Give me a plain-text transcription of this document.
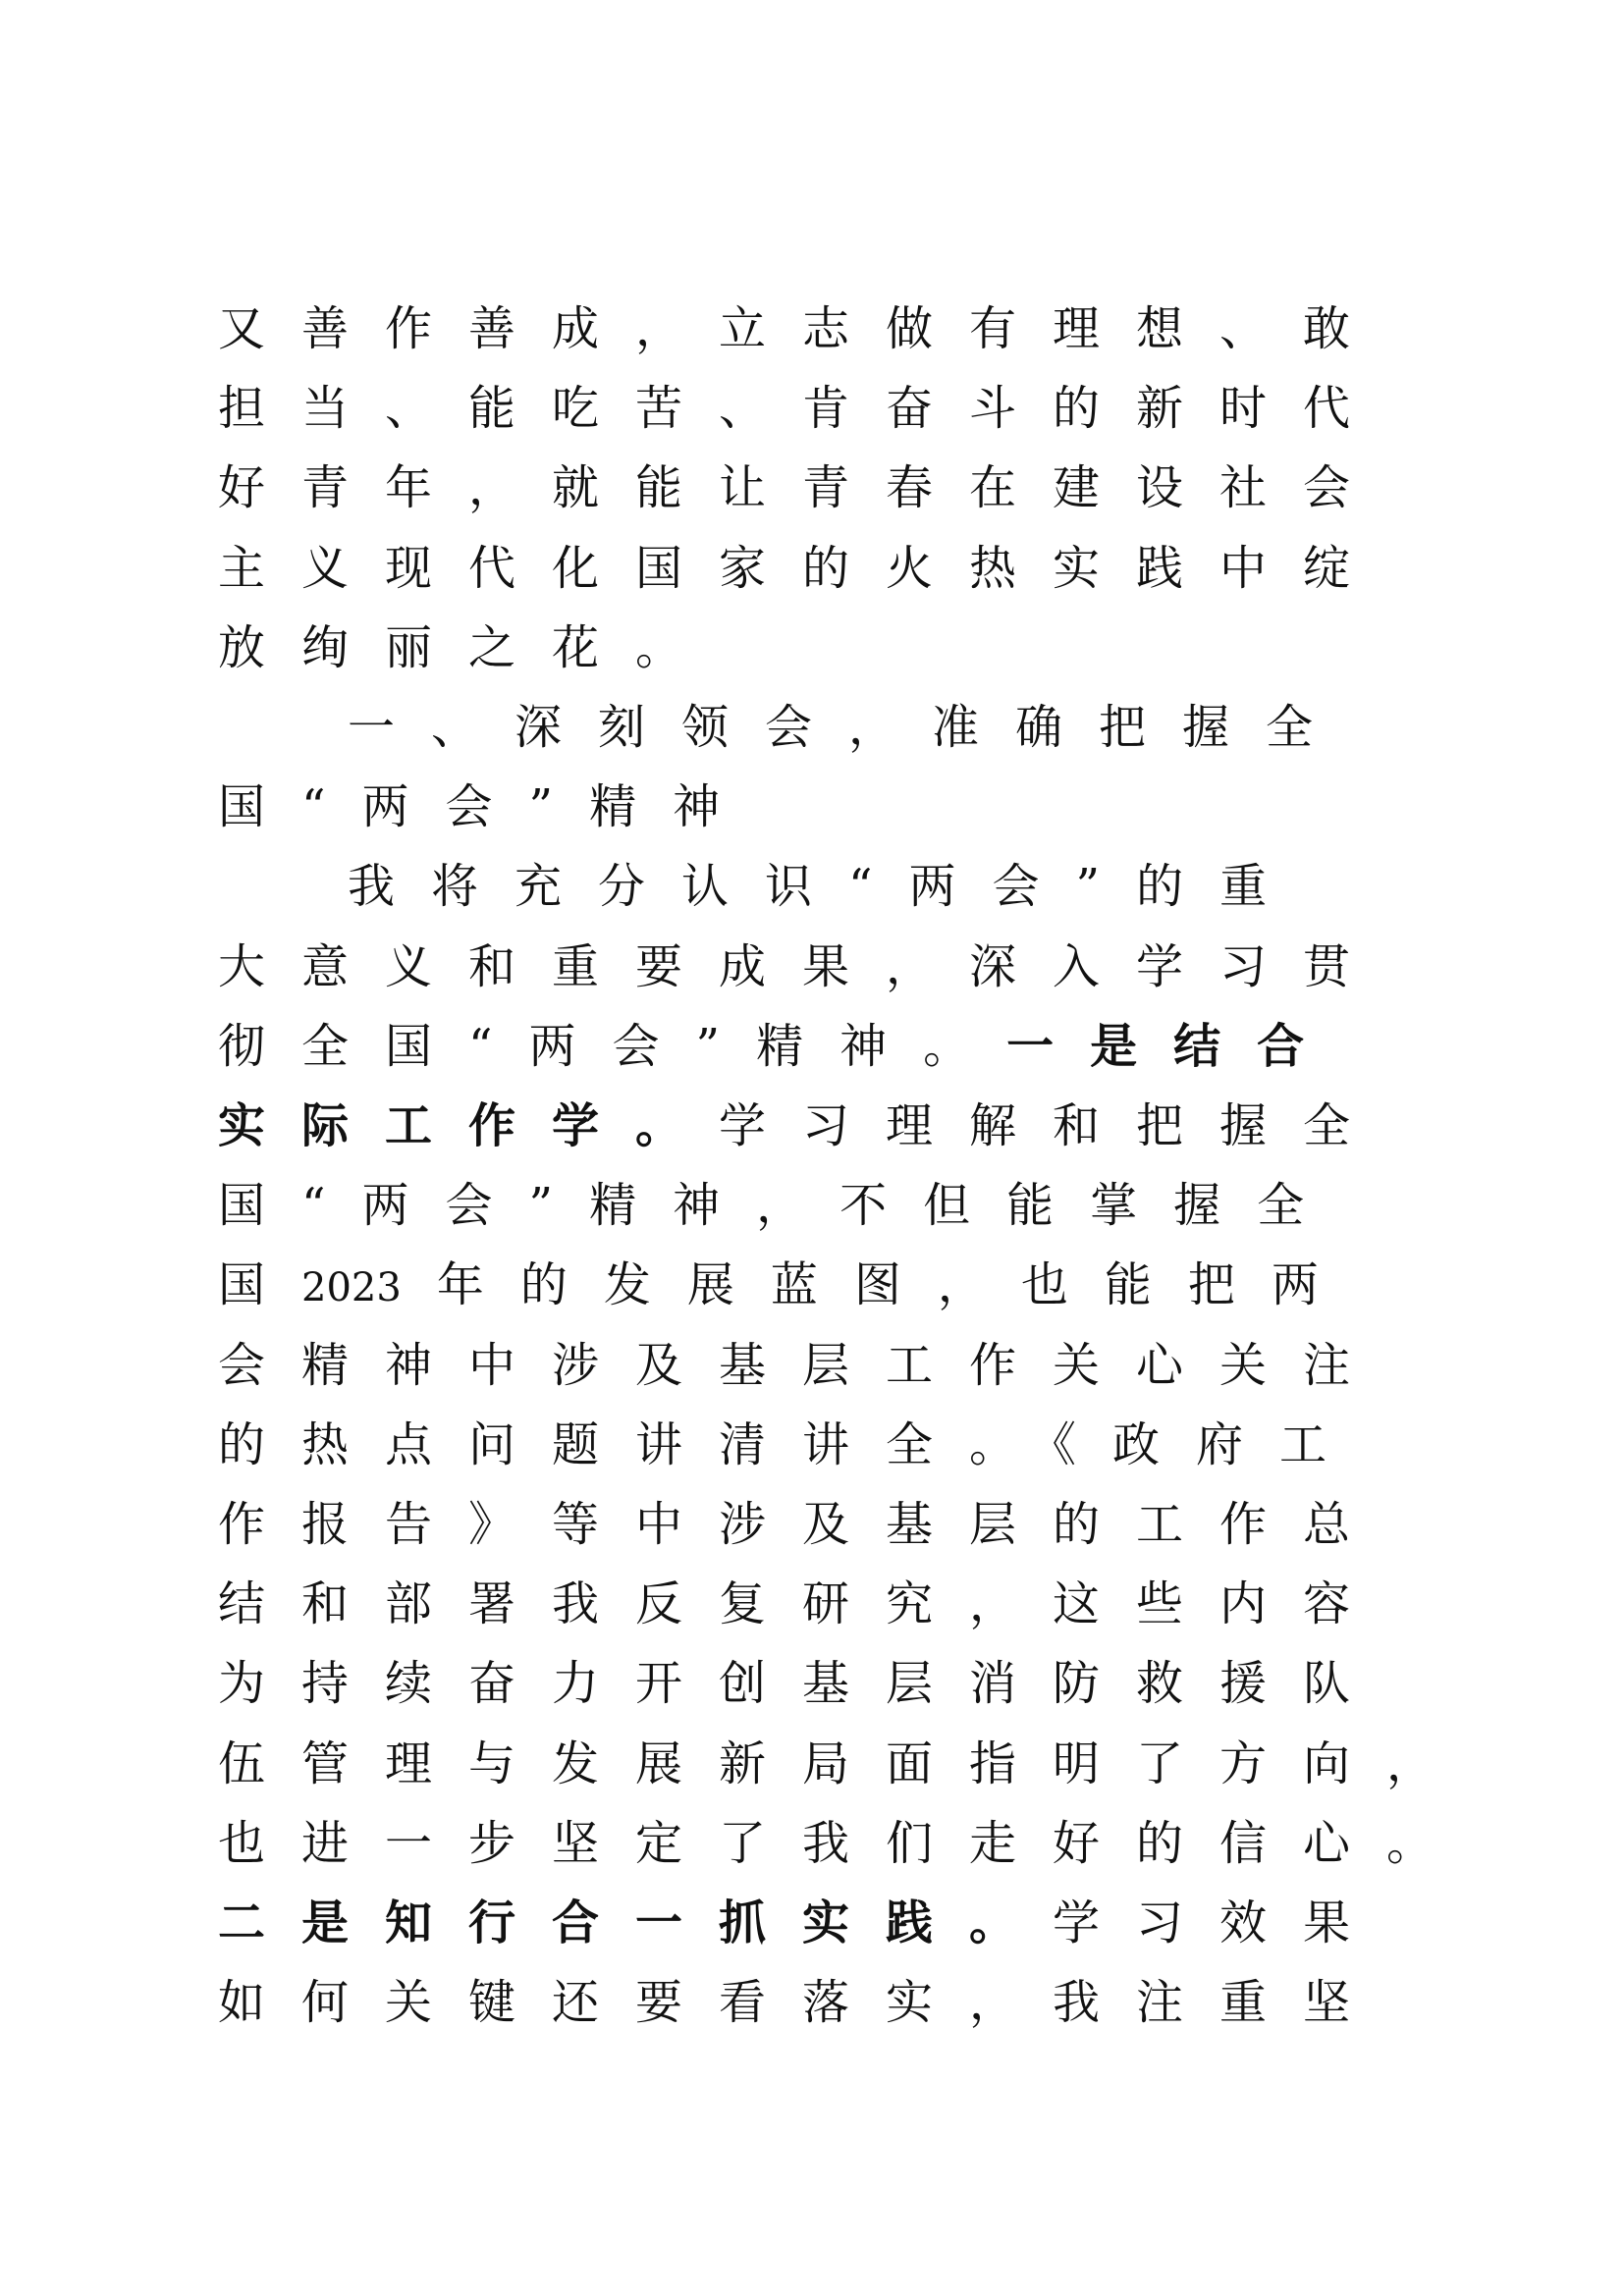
又善作善成，立志做有理想、敢
担当、能吃苦、肯奋斗的新时代
好青年，就能让青春在建设社会
主义现代化国家的火热实践中绽
放绚丽之花。
一、深刻领会，准确把握全
国“两会”精神
我将充分认识“两会”的重
大意义和重要成果，深入学习贯
彻全国“两会”精神。一是结合
实际工作学。学习理解和把握全
国“两会”精神，不但能掌握全
国2023 年的发展蓝图，也能把两
会精神中涉及基层工作关心关注
的热点问题讲清讲全。《政府工
作报告》等中涉及基层的工作总
结和部署我反复研究，这些内容
为持续奋力开创基层消防救援队
伍管理与发展新局面指明了方向，
也进一步坚定了我们走好的信心。
二是知行合一抓实践。学习效果
如何关键还要看落实，我注重坚
